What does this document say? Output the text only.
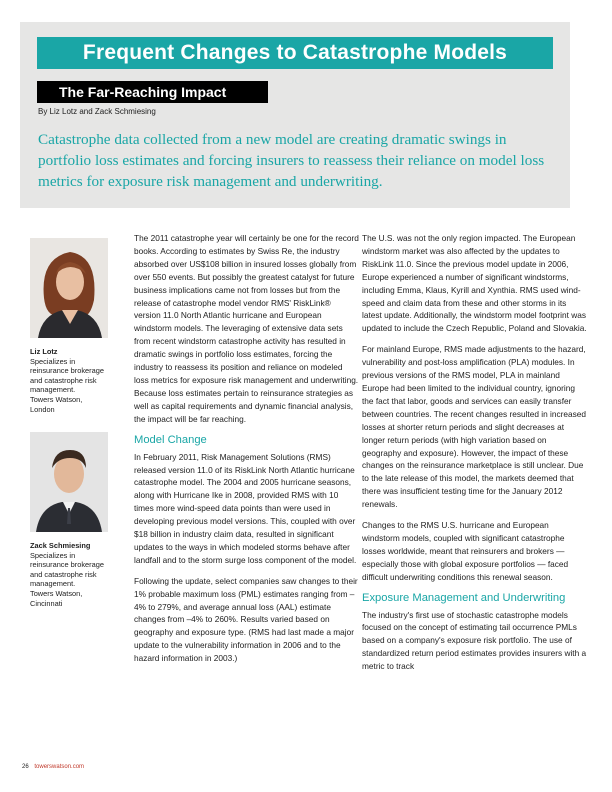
Frequent Changes to Catastrophe Models
The Far-Reaching Impact
By Liz Lotz and Zack Schmiesing
Catastrophe data collected from a new model are creating dramatic swings in portfolio loss estimates and forcing insurers to reassess their reliance on model loss metrics for exposure risk management and underwriting.
Liz Lotz
Specializes in
reinsurance brokerage
and catastrophe risk
management.
Towers Watson,
London
Zack Schmiesing
Specializes in
reinsurance brokerage
and catastrophe risk
management.
Towers Watson,
Cincinnati

The 2011 catastrophe year will certainly be one for the record books. According to estimates by Swiss Re, the industry absorbed over US$108 billion in insured losses globally from over 550 events. But possibly the greatest catalyst for future business implications came not from losses but from the release of catastrophe model vendor RMS' RiskLink® version 11.0 North Atlantic hurricane and European windstorm models. The leveraging of extensive data sets from recent windstorm catastrophe activity has resulted in dramatic swings in portfolio loss estimates, forcing the industry to reassess its position and reliance on modeled loss metrics for exposure risk management and underwriting. Because loss estimates pertain to reinsurance strategies as well as capital requirements and dynamic financial analysis, the impact will be far reaching.

Model Change

In February 2011, Risk Management Solutions (RMS) released version 11.0 of its RiskLink North Atlantic hurricane catastrophe model. The 2004 and 2005 hurricane seasons, along with Hurricane Ike in 2008, provided RMS with 10 times more wind-speed data points than were used in developing previous model versions. This, coupled with over $18 billion in industry claim data, resulted in significant updates to the ways in which modeled storms behave after landfall and to the storm surge loss component of the model.

Following the update, select companies saw changes to their 1% probable maximum loss (PML) estimates ranging from –4% to 279%, and average annual loss (AAL) estimate changes from –4% to 260%. Results varied based on geography and exposure type. (RMS had last made a major update to the vulnerability information in 2006 and to the hazard information in 2003.)

The U.S. was not the only region impacted. The European windstorm market was also affected by the updates to RiskLink 11.0. Since the previous model update in 2006, Europe experienced a number of significant windstorms, including Emma, Klaus, Kyrill and Xynthia. RMS used wind-speed and claim data from these and other storms in its latest update. Additionally, the windstorm model footprint was updated to include the Czech Republic, Poland and Slovakia.

For mainland Europe, RMS made adjustments to the hazard, vulnerability and post-loss amplification (PLA) modules. In previous versions of the RMS model, PLA in mainland Europe had been limited to the individual country, ignoring the fact that labor, goods and services can easily transfer between countries. The recent changes resulted in increased losses at shorter return periods and slight decreases at longer return periods (with high variation based on geography and exposure). However, the impact of these changes on the reinsurance marketplace is still unclear. Due to the late release of this model, the markets deemed that there was insufficient testing time for the January 2012 renewals.

Changes to the RMS U.S. hurricane and European windstorm models, coupled with significant catastrophe losses worldwide, meant that reinsurers and brokers — especially those with global exposure portfolios — faced difficult underwriting conditions this renewal season.

Exposure Management and Underwriting

The industry's first use of stochastic catastrophe models focused on the concept of estimating tail occurrence PMLs based on a company's exposure risk portfolio. The use of standardized return period estimates provides insurers with a metric to track

26 towerswatson.com
